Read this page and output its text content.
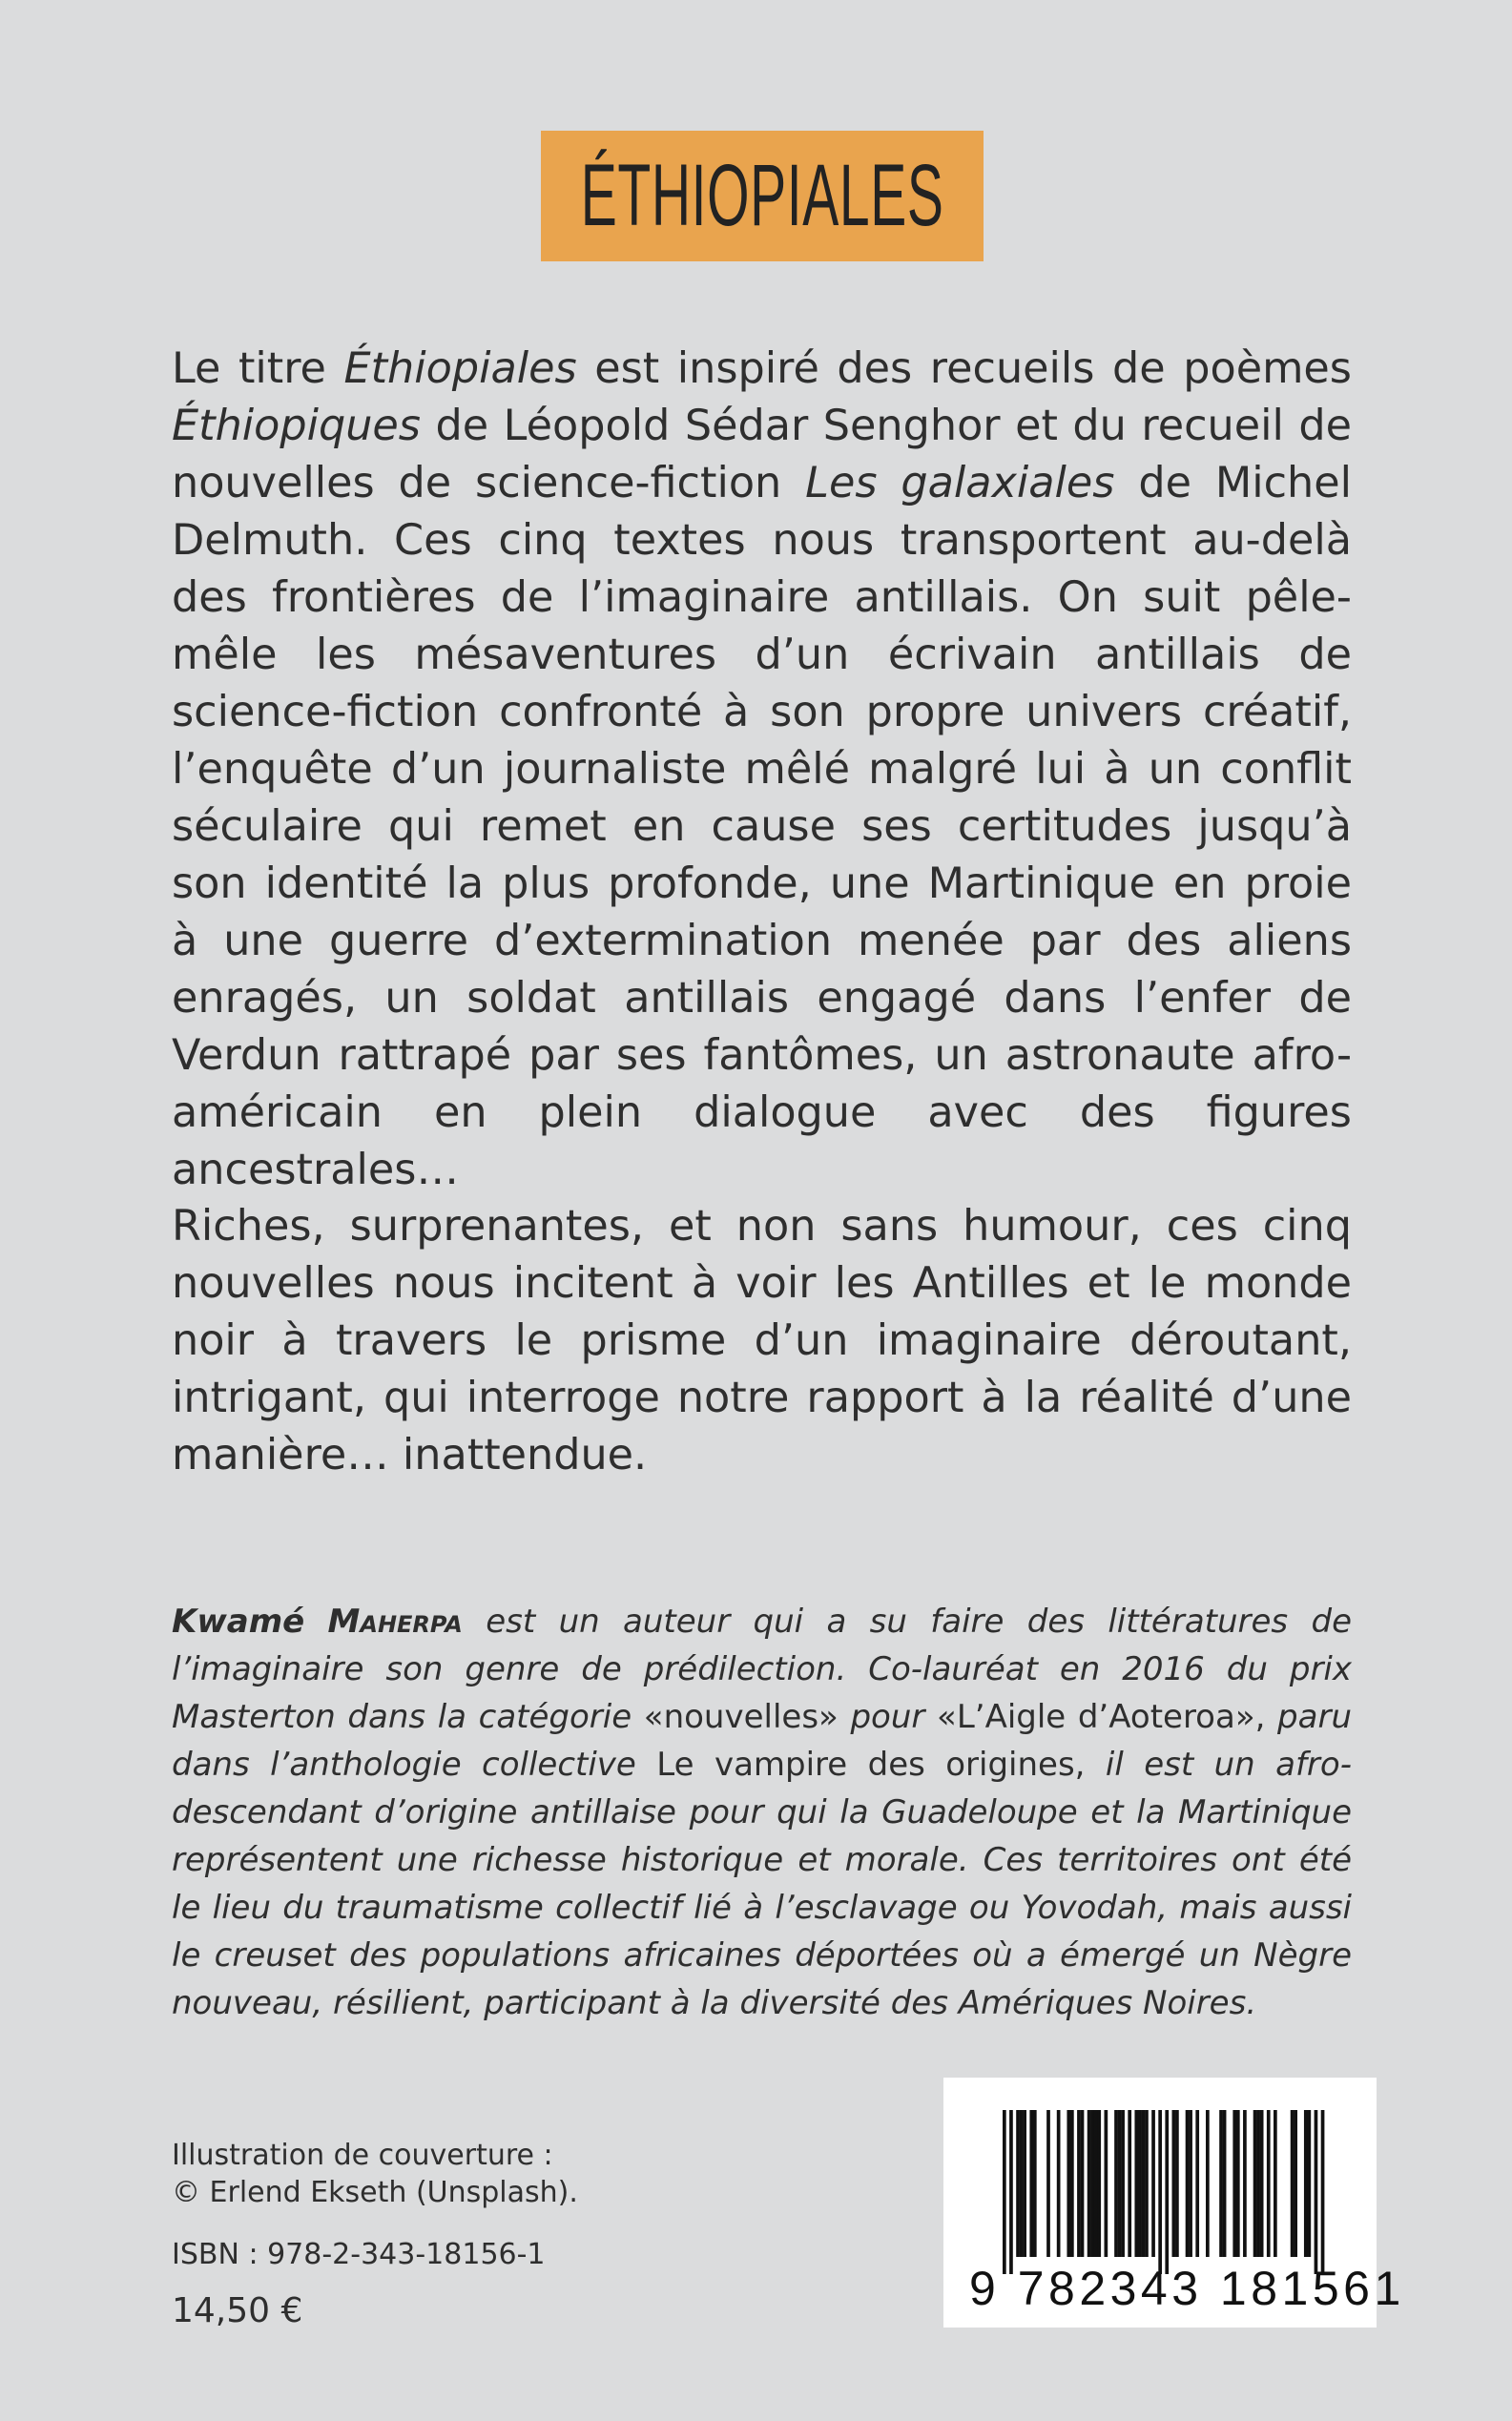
ÉTHIOPIALES

Le titre Éthiopiales est inspiré des recueils de poèmes Éthiopiques de Léopold Sédar Senghor et du recueil de nouvelles de science-fiction Les galaxiales de Michel Delmuth. Ces cinq textes nous transportent au-delà des frontières de l’imaginaire antillais. On suit pêle-mêle les mésaventures d’un écrivain antillais de science-fiction confronté à son propre univers créatif, l’enquête d’un journaliste mêlé malgré lui à un conflit séculaire qui remet en cause ses certitudes jusqu’à son identité la plus profonde, une Martinique en proie à une guerre d’extermination menée par des aliens enragés, un soldat antillais engagé dans l’enfer de Verdun rattrapé par ses fantômes, un astronaute afro-américain en plein dialogue avec des figures ancestrales…

Riches, surprenantes, et non sans humour, ces cinq nouvelles nous incitent à voir les Antilles et le monde noir à travers le prisme d’un imaginaire déroutant, intrigant, qui interroge notre rapport à la réalité d’une manière… inattendue.

Kwamé Maherpa est un auteur qui a su faire des littératures de l’imaginaire son genre de prédilection. Co-lauréat en 2016 du prix Masterton dans la catégorie «nouvelles» pour «L’Aigle d’Aoteroa», paru dans l’anthologie collective Le vampire des origines, il est un afro-descendant d’origine antillaise pour qui la Guadeloupe et la Martinique représentent une richesse historique et morale. Ces territoires ont été le lieu du traumatisme collectif lié à l’esclavage ou Yovodah, mais aussi le creuset des populations africaines déportées où a émergé un Nègre nouveau, résilient, participant à la diversité des Amériques Noires.

Illustration de couverture :
© Erlend Ekseth (Unsplash).
ISBN : 978-2-343-18156-1
14,50 €	9 782343 181561
